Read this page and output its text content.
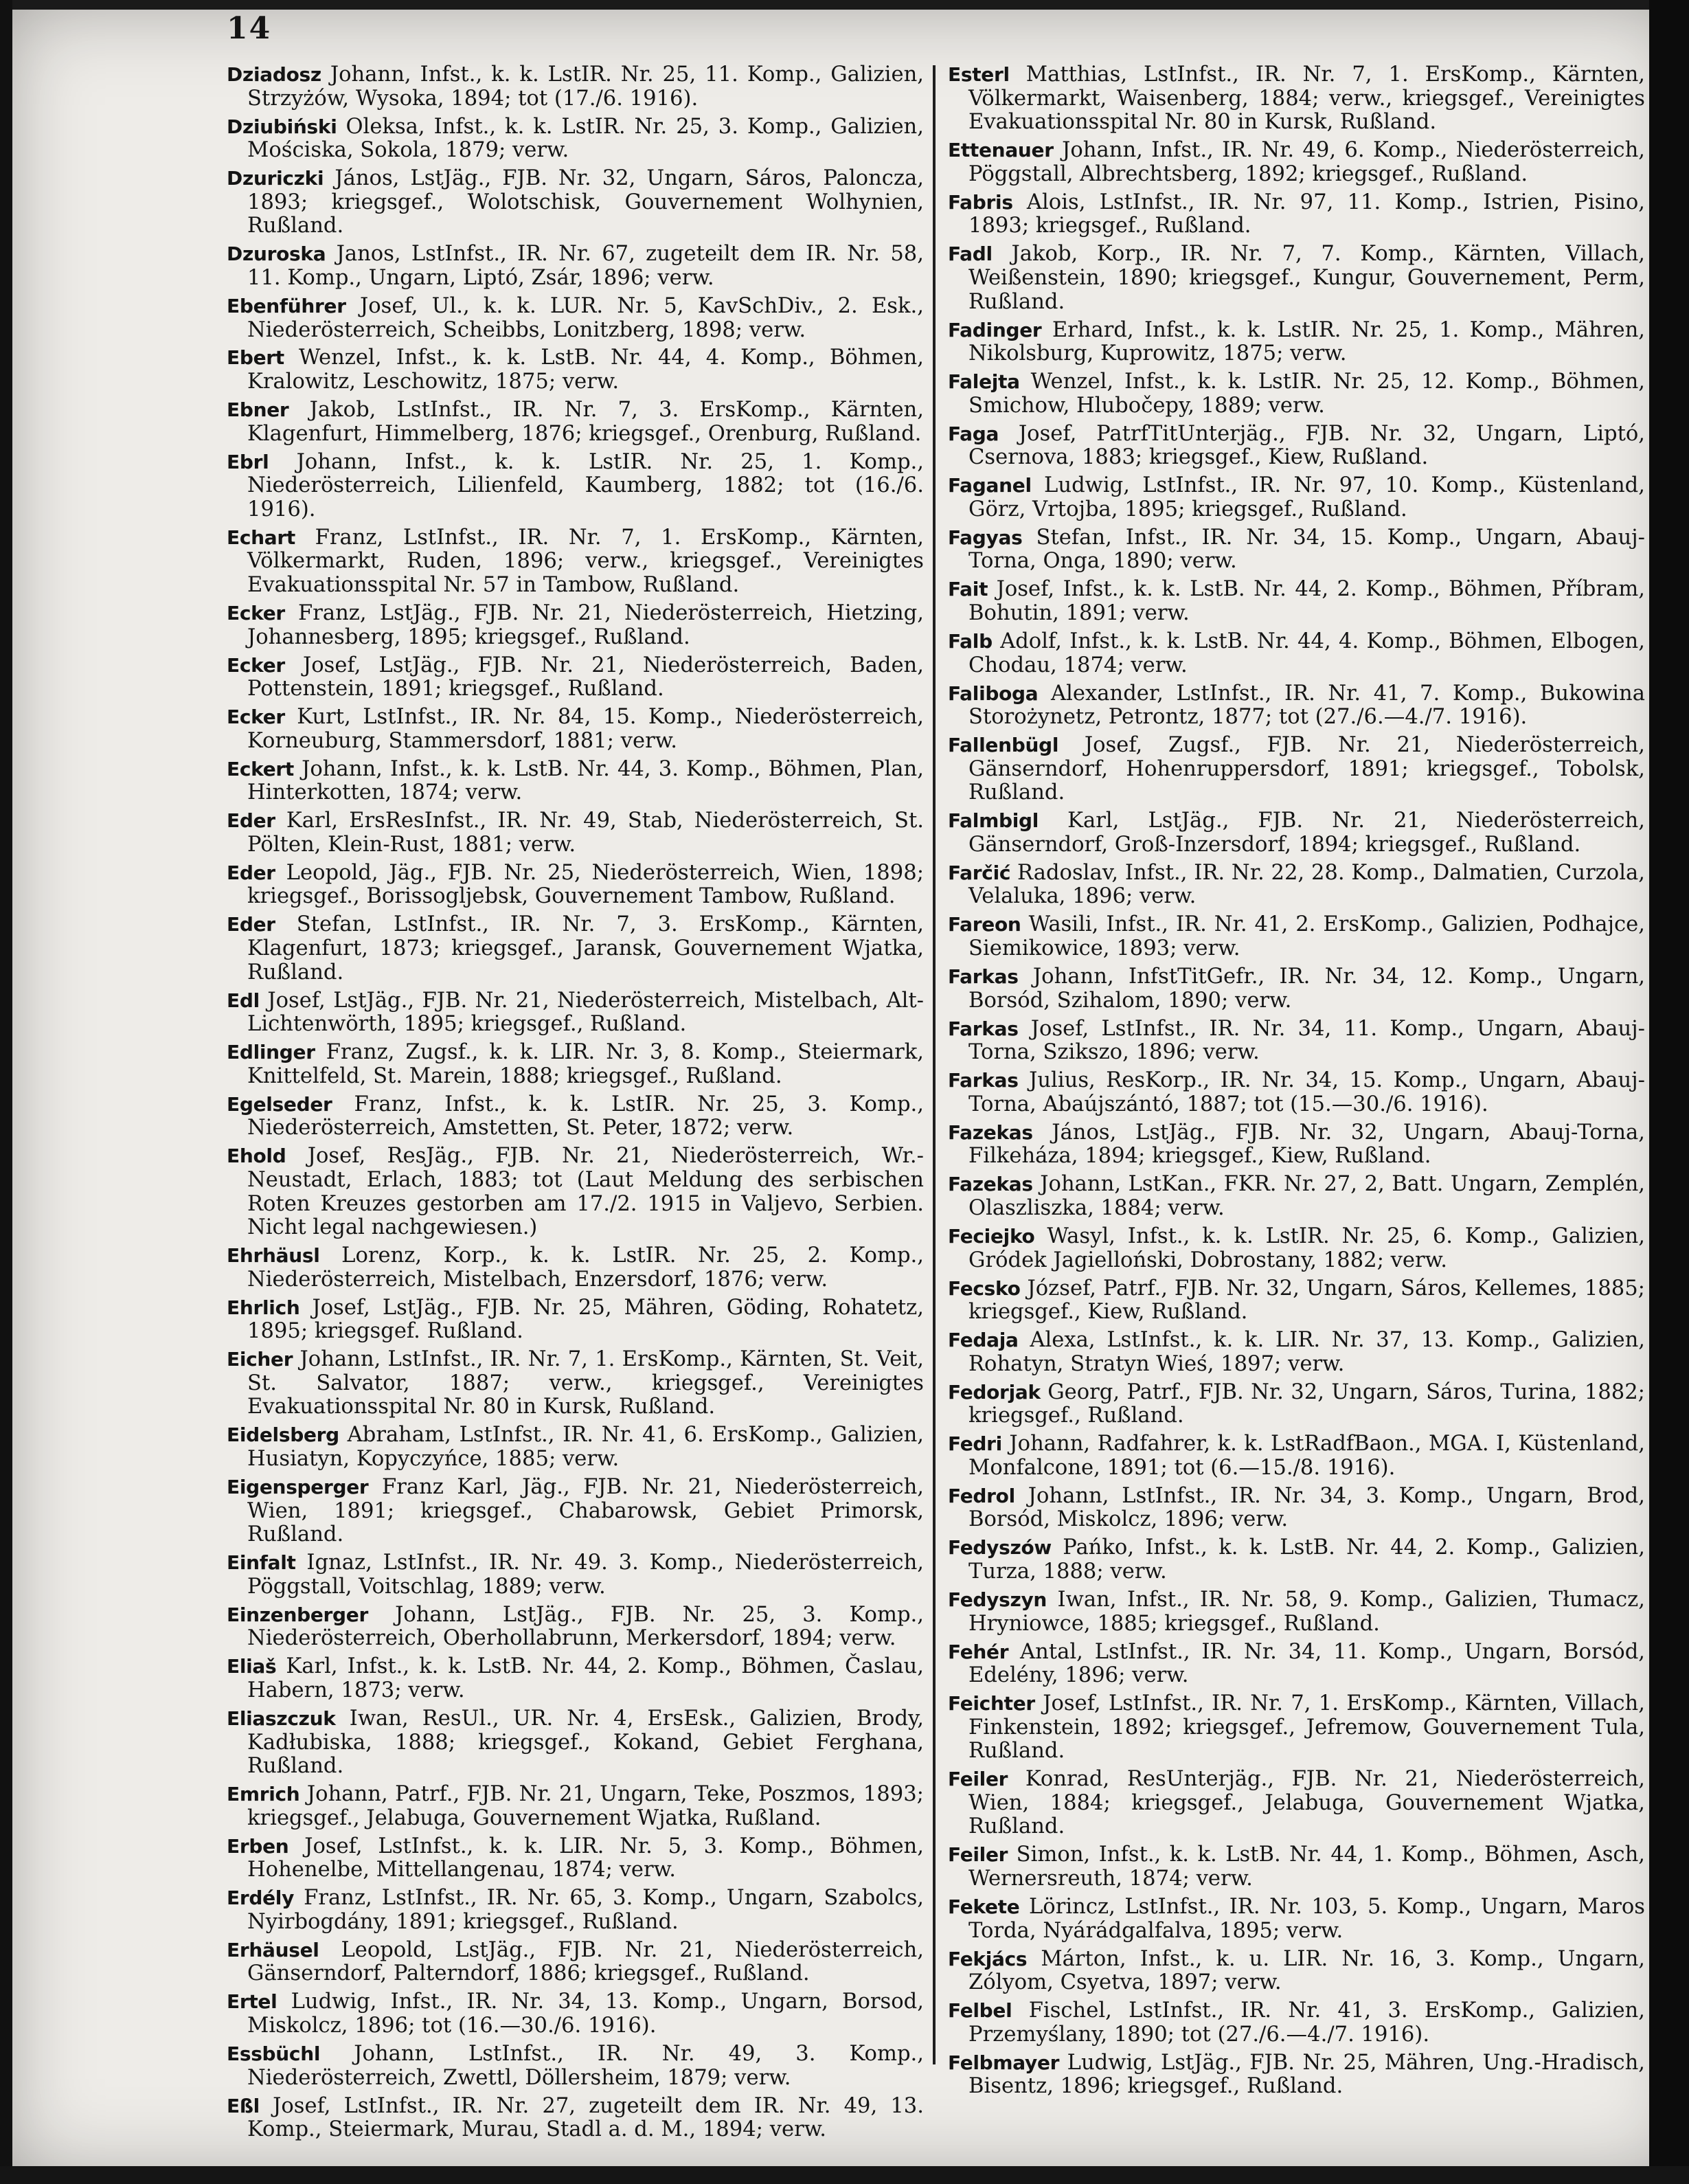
14
Dziadosz Johann, Infst., k. k. LstIR. Nr. 25, 11. Komp., Galizien, Strzyżów, Wysoka, 1894; tot (17./6. 1916).
Dziubiński Oleksa, Infst., k. k. LstIR. Nr. 25, 3. Komp., Galizien, Mościska, Sokola, 1879; verw.
Dzuriczki János, LstJäg., FJB. Nr. 32, Ungarn, Sáros, Paloncza, 1893; kriegsgef., Wolotschisk, Gouvernement Wolhynien, Rußland.
Dzuroska Janos, LstInfst., IR. Nr. 67, zugeteilt dem IR. Nr. 58, 11. Komp., Ungarn, Liptó, Zsár, 1896; verw.
Ebenführer Josef, Ul., k. k. LUR. Nr. 5, KavSchDiv., 2. Esk., Niederösterreich, Scheibbs, Lonitzberg, 1898; verw.
Ebert Wenzel, Infst., k. k. LstB. Nr. 44, 4. Komp., Böhmen, Kralowitz, Leschowitz, 1875; verw.
Ebner Jakob, LstInfst., IR. Nr. 7, 3. ErsKomp., Kärnten, Klagenfurt, Himmelberg, 1876; kriegsgef., Orenburg, Rußland.
Ebrl Johann, Infst., k. k. LstIR. Nr. 25, 1. Komp., Niederösterreich, Lilienfeld, Kaumberg, 1882; tot (16./6. 1916).
Echart Franz, LstInfst., IR. Nr. 7, 1. ErsKomp., Kärnten, Völkermarkt, Ruden, 1896; verw., kriegsgef., Vereinigtes Evakuationsspital Nr. 57 in Tambow, Rußland.
Ecker Franz, LstJäg., FJB. Nr. 21, Niederösterreich, Hietzing, Johannesberg, 1895; kriegsgef., Rußland.
Ecker Josef, LstJäg., FJB. Nr. 21, Niederösterreich, Baden, Pottenstein, 1891; kriegsgef., Rußland.
Ecker Kurt, LstInfst., IR. Nr. 84, 15. Komp., Niederösterreich, Korneuburg, Stammersdorf, 1881; verw.
Eckert Johann, Infst., k. k. LstB. Nr. 44, 3. Komp., Böhmen, Plan, Hinterkotten, 1874; verw.
Eder Karl, ErsResInfst., IR. Nr. 49, Stab, Niederösterreich, St. Pölten, Klein-Rust, 1881; verw.
Eder Leopold, Jäg., FJB. Nr. 25, Niederösterreich, Wien, 1898; kriegsgef., Borissogljebsk, Gouvernement Tambow, Rußland.
Eder Stefan, LstInfst., IR. Nr. 7, 3. ErsKomp., Kärnten, Klagenfurt, 1873; kriegsgef., Jaransk, Gouvernement Wjatka, Rußland.
Edl Josef, LstJäg., FJB. Nr. 21, Niederösterreich, Mistelbach, Alt-Lichtenwörth, 1895; kriegsgef., Rußland.
Edlinger Franz, Zugsf., k. k. LIR. Nr. 3, 8. Komp., Steiermark, Knittelfeld, St. Marein, 1888; kriegsgef., Rußland.
Egelseder Franz, Infst., k. k. LstIR. Nr. 25, 3. Komp., Niederösterreich, Amstetten, St. Peter, 1872; verw.
Ehold Josef, ResJäg., FJB. Nr. 21, Niederösterreich, Wr.-Neustadt, Erlach, 1883; tot (Laut Meldung des serbischen Roten Kreuzes gestorben am 17./2. 1915 in Valjevo, Serbien. Nicht legal nachgewiesen.)
Ehrhäusl Lorenz, Korp., k. k. LstIR. Nr. 25, 2. Komp., Niederösterreich, Mistelbach, Enzersdorf, 1876; verw.
Ehrlich Josef, LstJäg., FJB. Nr. 25, Mähren, Göding, Rohatetz, 1895; kriegsgef. Rußland.
Eicher Johann, LstInfst., IR. Nr. 7, 1. ErsKomp., Kärnten, St. Veit, St. Salvator, 1887; verw., kriegsgef., Vereinigtes Evakuationsspital Nr. 80 in Kursk, Rußland.
Eidelsberg Abraham, LstInfst., IR. Nr. 41, 6. ErsKomp., Galizien, Husiatyn, Kopyczyńce, 1885; verw.
Eigensperger Franz Karl, Jäg., FJB. Nr. 21, Niederösterreich, Wien, 1891; kriegsgef., Chabarowsk, Gebiet Primorsk, Rußland.
Einfalt Ignaz, LstInfst., IR. Nr. 49. 3. Komp., Niederösterreich, Pöggstall, Voitschlag, 1889; verw.
Einzenberger Johann, LstJäg., FJB. Nr. 25, 3. Komp., Niederösterreich, Oberhollabrunn, Merkersdorf, 1894; verw.
Eliaš Karl, Infst., k. k. LstB. Nr. 44, 2. Komp., Böhmen, Časlau, Habern, 1873; verw.
Eliaszczuk Iwan, ResUl., UR. Nr. 4, ErsEsk., Galizien, Brody, Kadłubiska, 1888; kriegsgef., Kokand, Gebiet Ferghana, Rußland.
Emrich Johann, Patrf., FJB. Nr. 21, Ungarn, Teke, Poszmos, 1893; kriegsgef., Jelabuga, Gouvernement Wjatka, Rußland.
Erben Josef, LstInfst., k. k. LIR. Nr. 5, 3. Komp., Böhmen, Hohenelbe, Mittellangenau, 1874; verw.
Erdély Franz, LstInfst., IR. Nr. 65, 3. Komp., Ungarn, Szabolcs, Nyirbogdány, 1891; kriegsgef., Rußland.
Erhäusel Leopold, LstJäg., FJB. Nr. 21, Niederösterreich, Gänserndorf, Palterndorf, 1886; kriegsgef., Rußland.
Ertel Ludwig, Infst., IR. Nr. 34, 13. Komp., Ungarn, Borsod, Miskolcz, 1896; tot (16.—30./6. 1916).
Essbüchl Johann, LstInfst., IR. Nr. 49, 3. Komp., Niederösterreich, Zwettl, Döllersheim, 1879; verw.
Eßl Josef, LstInfst., IR. Nr. 27, zugeteilt dem IR. Nr. 49, 13. Komp., Steiermark, Murau, Stadl a. d. M., 1894; verw.
Esterl Matthias, LstInfst., IR. Nr. 7, 1. ErsKomp., Kärnten, Völkermarkt, Waisenberg, 1884; verw., kriegsgef., Vereinigtes Evakuationsspital Nr. 80 in Kursk, Rußland.
Ettenauer Johann, Infst., IR. Nr. 49, 6. Komp., Niederösterreich, Pöggstall, Albrechtsberg, 1892; kriegsgef., Rußland.
Fabris Alois, LstInfst., IR. Nr. 97, 11. Komp., Istrien, Pisino, 1893; kriegsgef., Rußland.
Fadl Jakob, Korp., IR. Nr. 7, 7. Komp., Kärnten, Villach, Weißenstein, 1890; kriegsgef., Kungur, Gouvernement, Perm, Rußland.
Fadinger Erhard, Infst., k. k. LstIR. Nr. 25, 1. Komp., Mähren, Nikolsburg, Kuprowitz, 1875; verw.
Falejta Wenzel, Infst., k. k. LstIR. Nr. 25, 12. Komp., Böhmen, Smichow, Hlubočepy, 1889; verw.
Faga Josef, PatrfTitUnterjäg., FJB. Nr. 32, Ungarn, Liptó, Csernova, 1883; kriegsgef., Kiew, Rußland.
Faganel Ludwig, LstInfst., IR. Nr. 97, 10. Komp., Küstenland, Görz, Vrtojba, 1895; kriegsgef., Rußland.
Fagyas Stefan, Infst., IR. Nr. 34, 15. Komp., Ungarn, Abauj-Torna, Onga, 1890; verw.
Fait Josef, Infst., k. k. LstB. Nr. 44, 2. Komp., Böhmen, Příbram, Bohutin, 1891; verw.
Falb Adolf, Infst., k. k. LstB. Nr. 44, 4. Komp., Böhmen, Elbogen, Chodau, 1874; verw.
Faliboga Alexander, LstInfst., IR. Nr. 41, 7. Komp., Bukowina Storożynetz, Petrontz, 1877; tot (27./6.—4./7. 1916).
Fallenbügl Josef, Zugsf., FJB. Nr. 21, Niederösterreich, Gänserndorf, Hohenruppersdorf, 1891; kriegsgef., Tobolsk, Rußland.
Falmbigl Karl, LstJäg., FJB. Nr. 21, Niederösterreich, Gänserndorf, Groß-Inzersdorf, 1894; kriegsgef., Rußland.
Farčić Radoslav, Infst., IR. Nr. 22, 28. Komp., Dalmatien, Curzola, Velaluka, 1896; verw.
Fareon Wasili, Infst., IR. Nr. 41, 2. ErsKomp., Galizien, Podhajce, Siemikowice, 1893; verw.
Farkas Johann, InfstTitGefr., IR. Nr. 34, 12. Komp., Ungarn, Borsód, Szihalom, 1890; verw.
Farkas Josef, LstInfst., IR. Nr. 34, 11. Komp., Ungarn, Abauj-Torna, Szikszo, 1896; verw.
Farkas Julius, ResKorp., IR. Nr. 34, 15. Komp., Ungarn, Abauj-Torna, Abaújszántó, 1887; tot (15.—30./6. 1916).
Fazekas János, LstJäg., FJB. Nr. 32, Ungarn, Abauj-Torna, Filkeháza, 1894; kriegsgef., Kiew, Rußland.
Fazekas Johann, LstKan., FKR. Nr. 27, 2, Batt. Ungarn, Zemplén, Olaszliszka, 1884; verw.
Feciejko Wasyl, Infst., k. k. LstIR. Nr. 25, 6. Komp., Galizien, Gródek Jagielloński, Dobrostany, 1882; verw.
Fecsko József, Patrf., FJB. Nr. 32, Ungarn, Sáros, Kellemes, 1885; kriegsgef., Kiew, Rußland.
Fedaja Alexa, LstInfst., k. k. LIR. Nr. 37, 13. Komp., Galizien, Rohatyn, Stratyn Wieś, 1897; verw.
Fedorjak Georg, Patrf., FJB. Nr. 32, Ungarn, Sáros, Turina, 1882; kriegsgef., Rußland.
Fedri Johann, Radfahrer, k. k. LstRadfBaon., MGA. I, Küstenland, Monfalcone, 1891; tot (6.—15./8. 1916).
Fedrol Johann, LstInfst., IR. Nr. 34, 3. Komp., Ungarn, Brod, Borsód, Miskolcz, 1896; verw.
Fedyszów Pańko, Infst., k. k. LstB. Nr. 44, 2. Komp., Galizien, Turza, 1888; verw.
Fedyszyn Iwan, Infst., IR. Nr. 58, 9. Komp., Galizien, Tłumacz, Hryniowce, 1885; kriegsgef., Rußland.
Fehér Antal, LstInfst., IR. Nr. 34, 11. Komp., Ungarn, Borsód, Edelény, 1896; verw.
Feichter Josef, LstInfst., IR. Nr. 7, 1. ErsKomp., Kärnten, Villach, Finkenstein, 1892; kriegsgef., Jefremow, Gouvernement Tula, Rußland.
Feiler Konrad, ResUnterjäg., FJB. Nr. 21, Niederösterreich, Wien, 1884; kriegsgef., Jelabuga, Gouvernement Wjatka, Rußland.
Feiler Simon, Infst., k. k. LstB. Nr. 44, 1. Komp., Böhmen, Asch, Wernersreuth, 1874; verw.
Fekete Lörincz, LstInfst., IR. Nr. 103, 5. Komp., Ungarn, Maros Torda, Nyárádgalfalva, 1895; verw.
Fekjács Márton, Infst., k. u. LIR. Nr. 16, 3. Komp., Ungarn, Zólyom, Csyetva, 1897; verw.
Felbel Fischel, LstInfst., IR. Nr. 41, 3. ErsKomp., Galizien, Przemyślany, 1890; tot (27./6.—4./7. 1916).
Felbmayer Ludwig, LstJäg., FJB. Nr. 25, Mähren, Ung.-Hradisch, Bisentz, 1896; kriegsgef., Rußland.
